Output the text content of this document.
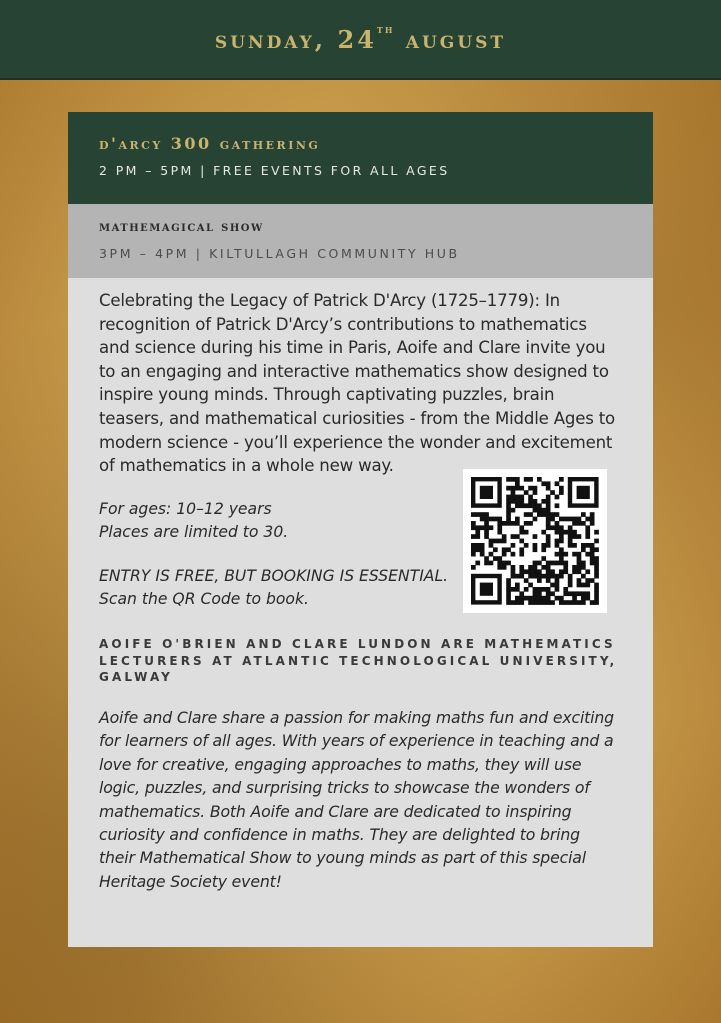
sunday, 24th august
d'arcy 300 gathering
2 PM – 5PM | FREE EVENTS FOR ALL AGES
mathemagical show
3PM – 4PM | KILTULLAGH COMMUNITY HUB

Celebrating the Legacy of Patrick D'Arcy (1725–1779): In recognition of Patrick D'Arcy’s contributions to mathematics and science during his time in Paris, Aoife and Clare invite you to an engaging and interactive mathematics show designed to inspire young minds. Through captivating puzzles, brain teasers, and mathematical curiosities - from the Middle Ages to modern science - you’ll experience the wonder and excitement of mathematics in a whole new way.

For ages: 10–12 years

Places are limited to 30.

ENTRY IS FREE, BUT BOOKING IS ESSENTIAL.

Scan the QR Code to book.

AOIFE O'BRIEN AND CLARE LUNDON ARE MATHEMATICS LECTURERS AT ATLANTIC TECHNOLOGICAL UNIVERSITY, GALWAY

Aoife and Clare share a passion for making maths fun and exciting for learners of all ages. With years of experience in teaching and a love for creative, engaging approaches to maths, they will use logic, puzzles, and surprising tricks to showcase the wonders of mathematics. Both Aoife and Clare are dedicated to inspiring curiosity and confidence in maths. They are delighted to bring their Mathematical Show to young minds as part of this special Heritage Society event!
